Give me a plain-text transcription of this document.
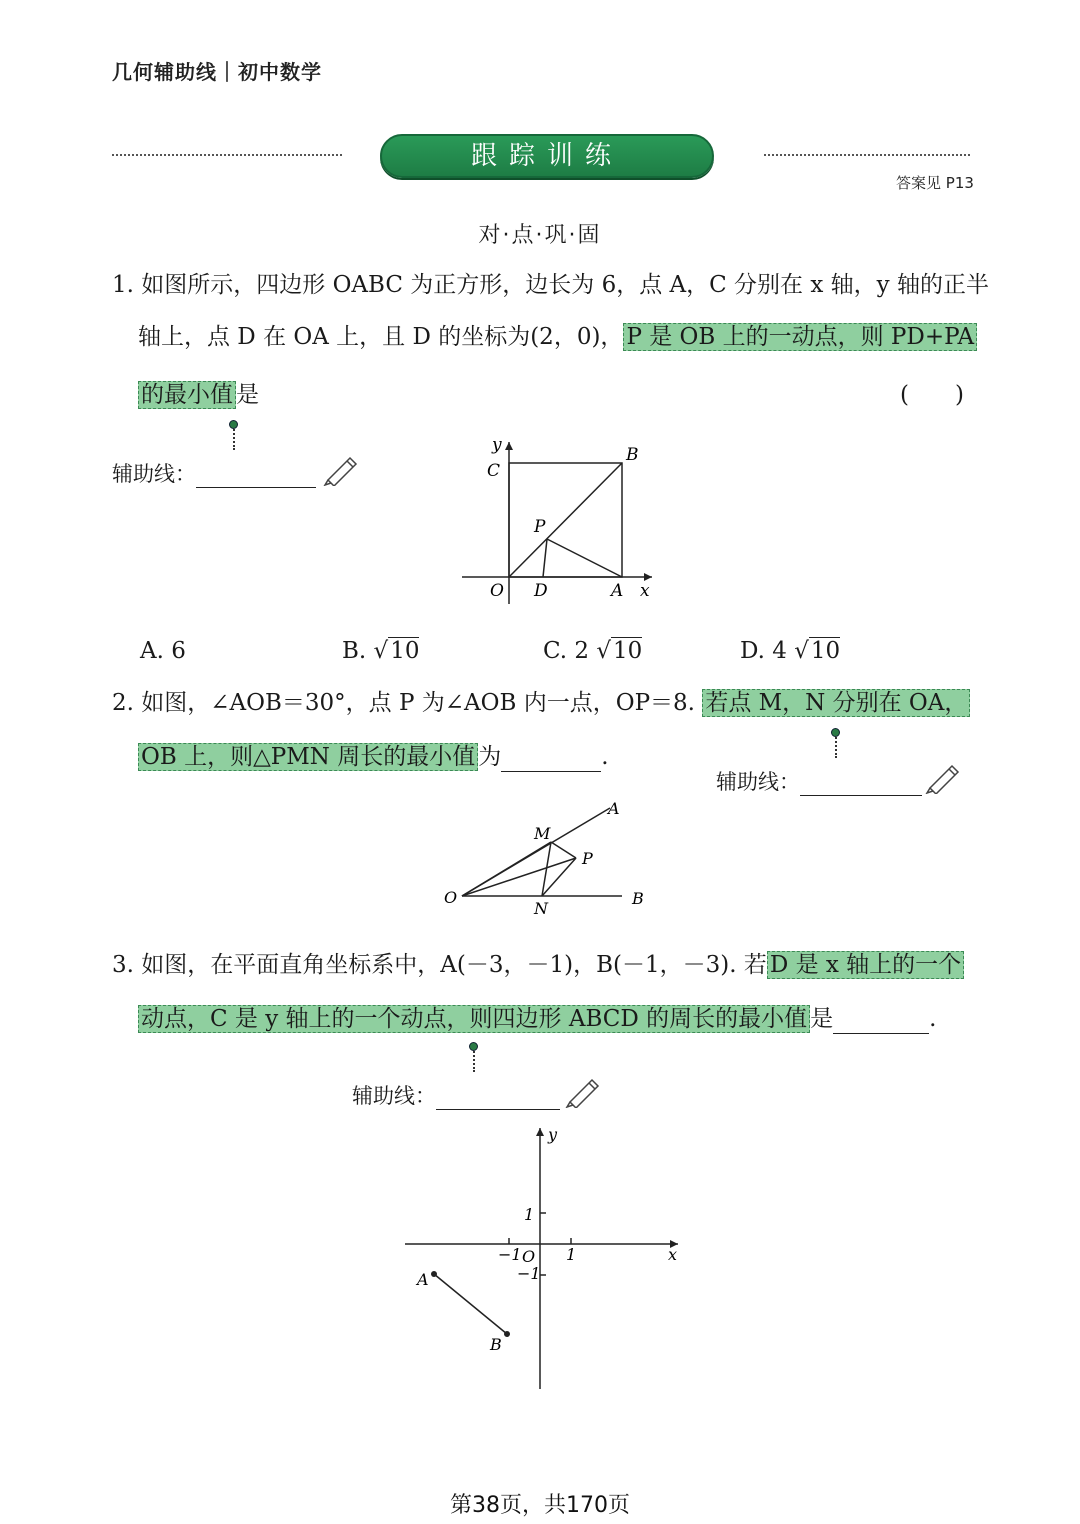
几何辅助线｜初中数学
跟踪训练
答案见 P13
对·点·巩·固
1. 如图所示，四边形 OABC 为正方形，边长为 6，点 A，C 分别在 x 轴，y 轴的正半
轴上，点 D 在 OA 上，且 D 的坐标为(2，0)， P 是 OB 上的一动点，则 PD+PA
的最小值 是	(　　)
辅助线：
y
C
B
P
O D	A x
A. 6	B. √10	C. 2 √10	D. 4 √10
2. 如图，∠AOB＝30°，点 P 为∠AOB 内一点，OP＝8. 若点 M，N 分别在 OA，
OB 上，则△PMN 周长的最小值 为	.
辅助线：
A
M
P
O
N
B
3. 如图，在平面直角坐标系中，A(－3，－1)，B(－1，－3). 若 D 是 x 轴上的一个
动点，C 是 y 轴上的一个动点，则四边形 ABCD 的周长的最小值 是	.
辅助线：
y
x
1
−1 O 1
−1
A
B
第38页，共170页
